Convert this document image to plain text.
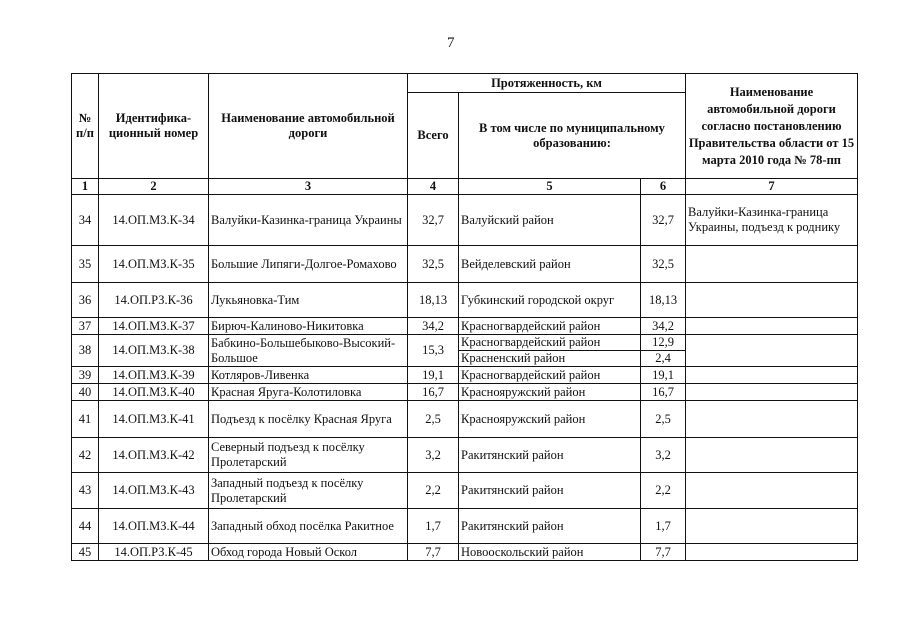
7
№ п/п	Идентифика-ционный номер	Наименование автомобильной дороги	Протяженность, км			Наименование автомобильной дороги согласно постановлению Правительства области от 15 марта 2010 года № 78-пп
			Всего	В том числе по муниципальному образованию:		
1	2	3	4	5	6	7
34	14.ОП.МЗ.К-34	Валуйки-Казинка-граница Украины	32,7	Валуйский район	32,7	Валуйки-Казинка-граница Украины, подъезд к роднику
35	14.ОП.МЗ.К-35	Большие Липяги-Долгое-Ромахово	32,5	Вейделевский район	32,5	
36	14.ОП.РЗ.К-36	Лукьяновка-Тим	18,13	Губкинский городской округ	18,13	
37	14.ОП.МЗ.К-37	Бирюч-Калиново-Никитовка	34,2	Красногвардейский район	34,2	
38	14.ОП.МЗ.К-38	Бабкино-Большебыково-Высокий-Большое	15,3	Красногвардейский район	12,9	
				Красненский район	2,4	
39	14.ОП.МЗ.К-39	Котляров-Ливенка	19,1	Красногвардейский район	19,1	
40	14.ОП.МЗ.К-40	Красная Яруга-Колотиловка	16,7	Краснояружский район	16,7	
41	14.ОП.МЗ.К-41	Подъезд к посёлку Красная Яруга	2,5	Краснояружский район	2,5	
42	14.ОП.МЗ.К-42	Северный подъезд к посёлку Пролетарский	3,2	Ракитянский район	3,2	
43	14.ОП.МЗ.К-43	Западный подъезд к посёлку Пролетарский	2,2	Ракитянский район	2,2	
44	14.ОП.МЗ.К-44	Западный обход посёлка Ракитное	1,7	Ракитянский район	1,7	
45	14.ОП.РЗ.К-45	Обход города Новый Оскол	7,7	Новооскольский район	7,7	
